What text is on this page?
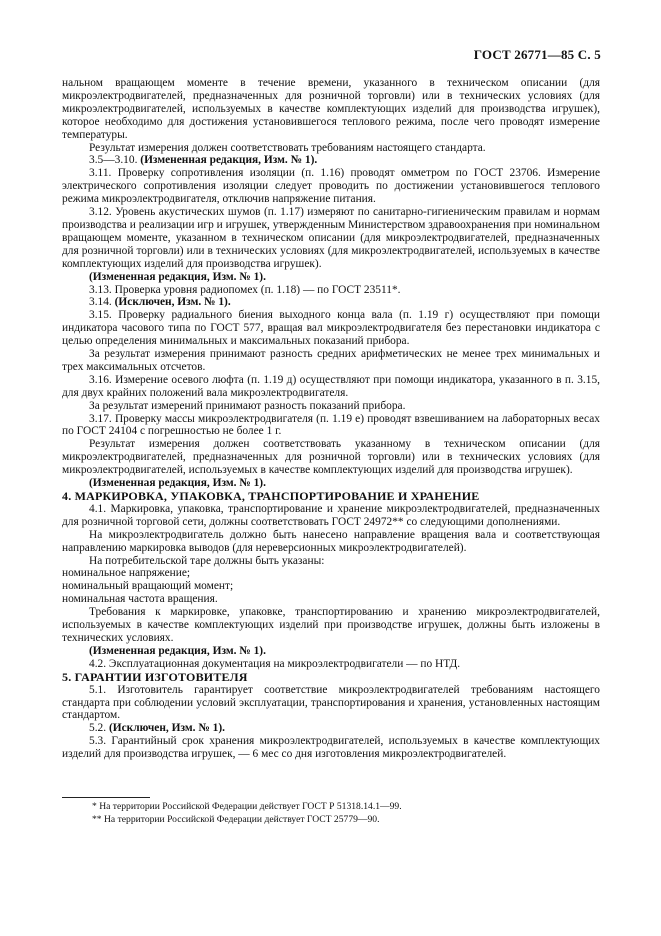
ГОСТ 26771—85 С. 5

нальном вращающем моменте в течение времени, указанного в техническом описании (для микроэлектродвигателей, предназначенных для розничной торговли) или в технических условиях (для микроэлектродвигателей, используемых в качестве комплектующих изделий для производства игрушек), которое необходимо для достижения установившегося теплового режима, после чего проводят измерение температуры.

Результат измерения должен соответствовать требованиям настоящего стандарта.

3.5—3.10. (Измененная редакция, Изм. № 1).

3.11. Проверку сопротивления изоляции (п. 1.16) проводят омметром по ГОСТ 23706. Измерение электрического сопротивления изоляции следует проводить по достижении установившегося теплового режима микроэлектродвигателя, отключив напряжение питания.

3.12. Уровень акустических шумов (п. 1.17) измеряют по санитарно-гигиеническим правилам и нормам производства и реализации игр и игрушек, утвержденным Министерством здравоохранения при номинальном вращающем моменте, указанном в техническом описании (для микроэлектродвигателей, предназначенных для розничной торговли) или в технических условиях (для микроэлектродвигателей, используемых в качестве комплектующих изделий для производства игрушек).

(Измененная редакция, Изм. № 1).

3.13. Проверка уровня радиопомех (п. 1.18) — по ГОСТ 23511*.

3.14. (Исключен, Изм. № 1).

3.15. Проверку радиального биения выходного конца вала (п. 1.19 г) осуществляют при помощи индикатора часового типа по ГОСТ 577, вращая вал микроэлектродвигателя без перестановки индикатора с целью определения минимальных и максимальных показаний прибора.

За результат измерения принимают разность средних арифметических не менее трех минимальных и трех максимальных отсчетов.

3.16. Измерение осевого люфта (п. 1.19 д) осуществляют при помощи индикатора, указанного в п. 3.15, для двух крайних положений вала микроэлектродвигателя.

За результат измерений принимают разность показаний прибора.

3.17. Проверку массы микроэлектродвигателя (п. 1.19 е) проводят взвешиванием на лабораторных весах по ГОСТ 24104 с погрешностью не более 1 г.

Результат измерения должен соответствовать указанному в техническом описании (для микроэлектродвигателей, предназначенных для розничной торговли) или в технических условиях (для микроэлектродвигателей, используемых в качестве комплектующих изделий для производства игрушек).

(Измененная редакция, Изм. № 1).

4. МАРКИРОВКА, УПАКОВКА, ТРАНСПОРТИРОВАНИЕ И ХРАНЕНИЕ

4.1. Маркировка, упаковка, транспортирование и хранение микроэлектродвигателей, предназначенных для розничной торговой сети, должны соответствовать ГОСТ 24972** со следующими дополнениями.

На микроэлектродвигатель должно быть нанесено направление вращения вала и соответствующая направлению маркировка выводов (для нереверсионных микроэлектродвигателей).

На потребительской таре должны быть указаны:

номинальное напряжение;

номинальный вращающий момент;

номинальная частота вращения.

Требования к маркировке, упаковке, транспортированию и хранению микроэлектродвигателей, используемых в качестве комплектующих изделий при производстве игрушек, должны быть изложены в технических условиях.

(Измененная редакция, Изм. № 1).

4.2. Эксплуатационная документация на микроэлектродвигатели — по НТД.

5. ГАРАНТИИ ИЗГОТОВИТЕЛЯ

5.1. Изготовитель гарантирует соответствие микроэлектродвигателей требованиям настоящего стандарта при соблюдении условий эксплуатации, транспортирования и хранения, установленных настоящим стандартом.

5.2. (Исключен, Изм. № 1).

5.3. Гарантийный срок хранения микроэлектродвигателей, используемых в качестве комплектующих изделий для производства игрушек, — 6 мес со дня изготовления микроэлектродвигателей.

* На территории Российской Федерации действует ГОСТ Р 51318.14.1—99.

** На территории Российской Федерации действует ГОСТ 25779—90.
